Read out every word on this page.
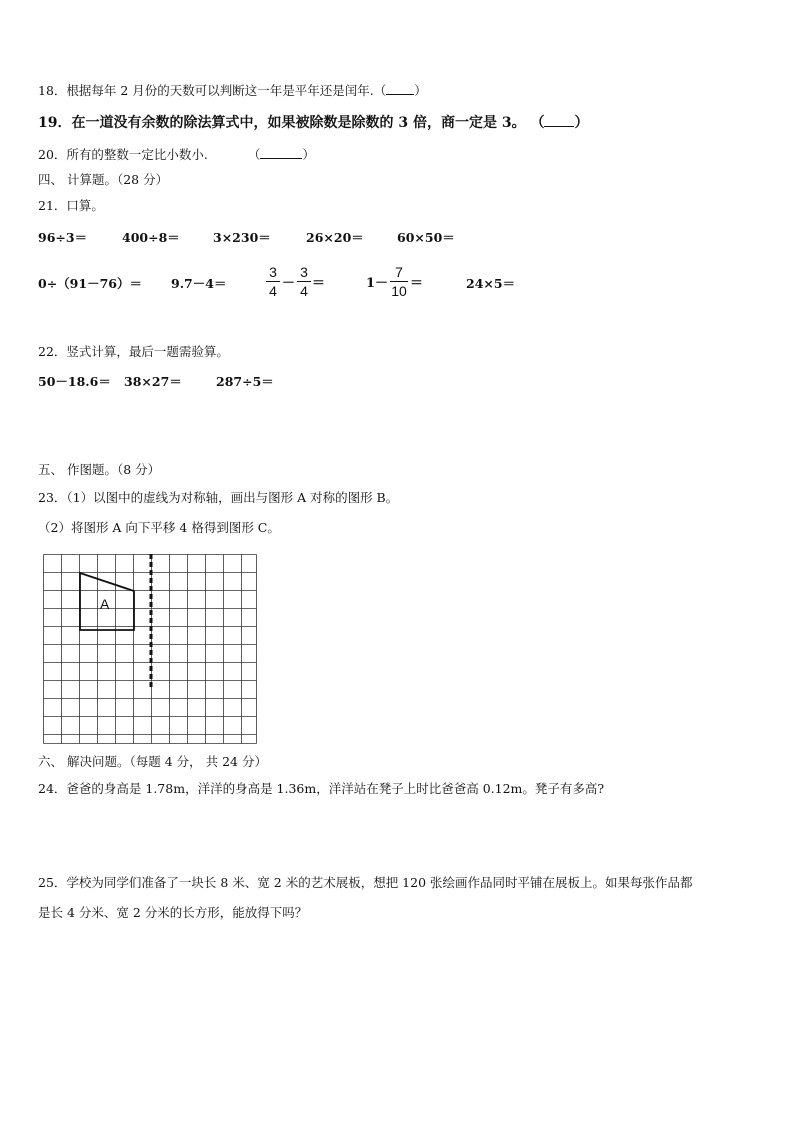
18．根据每年 2 月份的天数可以判断这一年是平年还是闰年.（ ）
19．在一道没有余数的除法算式中，如果被除数是除数的 3 倍，商一定是 3。 （ ）
20．所有的整数一定比小数小.	（	）
四、 计算题。（28 分）
21．口算。
96÷3＝	400÷8＝	3×230＝	26×20＝	60×50＝
0÷（91－76）＝ 9.7－4＝
3
4 －
3
4 ＝	1－
7
10 ＝	24×5＝
22．竖式计算，最后一题需验算。
50－18.6＝ 38×27＝	287÷5＝
五、 作图题。（8 分）
23．（1）以图中的虚线为对称轴，画出与图形 A 对称的图形 B。
（2）将图形 A 向下平移 4 格得到图形 C。
A
六、 解决问题。（每题 4 分， 共 24 分）
24．爸爸的身高是 1.78m，洋洋的身高是 1.36m，洋洋站在凳子上时比爸爸高 0.12m。凳子有多高?
25．学校为同学们准备了一块长 8 米、宽 2 米的艺术展板，想把 120 张绘画作品同时平铺在展板上。如果每张作品都
是长 4 分米、宽 2 分米的长方形，能放得下吗？
